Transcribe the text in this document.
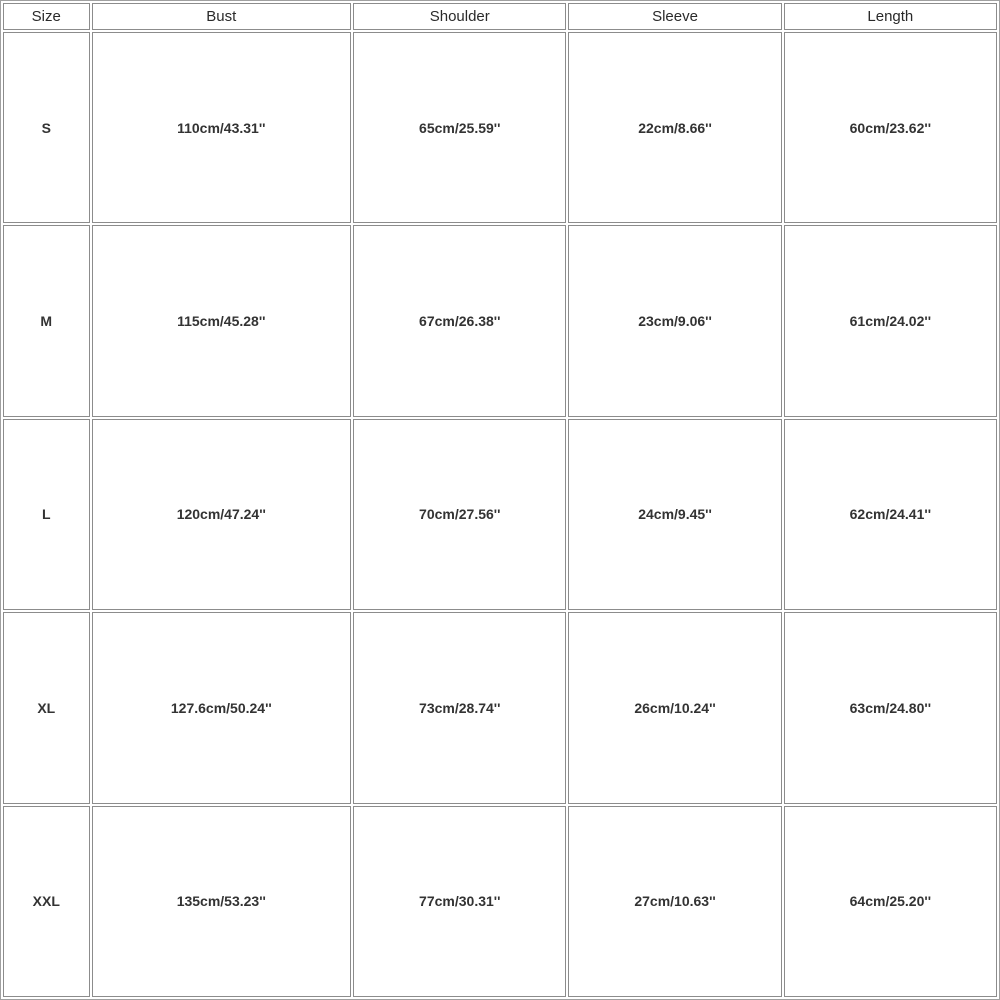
Size	Bust	Shoulder	Sleeve	Length
S	110cm/43.31''	65cm/25.59''	22cm/8.66''	60cm/23.62''
M	115cm/45.28''	67cm/26.38''	23cm/9.06''	61cm/24.02''
L	120cm/47.24''	70cm/27.56''	24cm/9.45''	62cm/24.41''
XL	127.6cm/50.24''	73cm/28.74''	26cm/10.24''	63cm/24.80''
XXL	135cm/53.23''	77cm/30.31''	27cm/10.63''	64cm/25.20''
